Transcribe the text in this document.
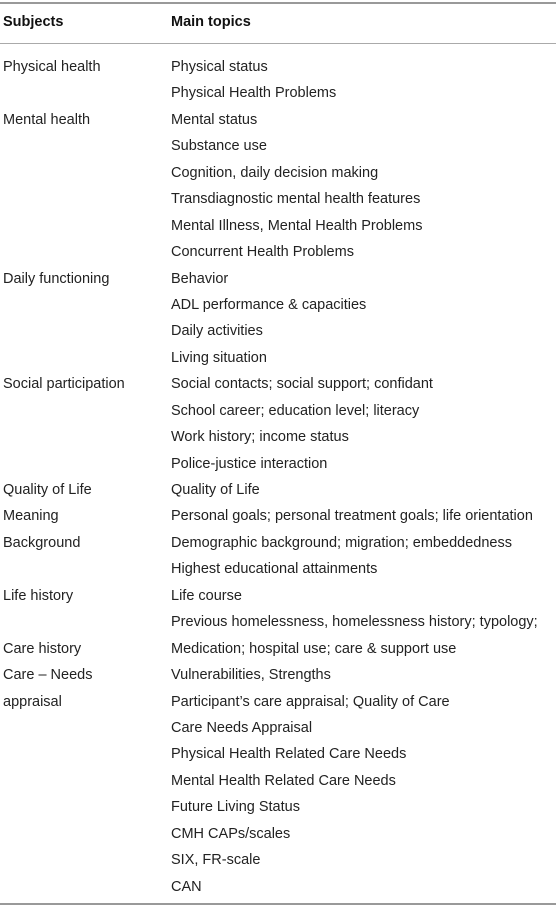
Subjects	Main topics
Physical health	Physical status
Physical Health Problems
Mental health	Mental status
Substance use
Cognition, daily decision making
Transdiagnostic mental health features
Mental Illness, Mental Health Problems
Concurrent Health Problems
Daily functioning	Behavior
ADL performance & capacities
Daily activities
Living situation
Social participation	Social contacts; social support; confidant
School career; education level; literacy
Work history; income status
Police-justice interaction
Quality of Life	Quality of Life
Meaning	Personal goals; personal treatment goals; life orientation
Background	Demographic background; migration; embeddedness
Highest educational attainments
Life history	Life course
Previous homelessness, homelessness history; typology;
Care history	Medication; hospital use; care & support use
Care – Needs	Vulnerabilities, Strengths
appraisal	Participant’s care appraisal; Quality of Care
Care Needs Appraisal
Physical Health Related Care Needs
Mental Health Related Care Needs
Future Living Status
CMH CAPs/scales
SIX, FR-scale
CAN
